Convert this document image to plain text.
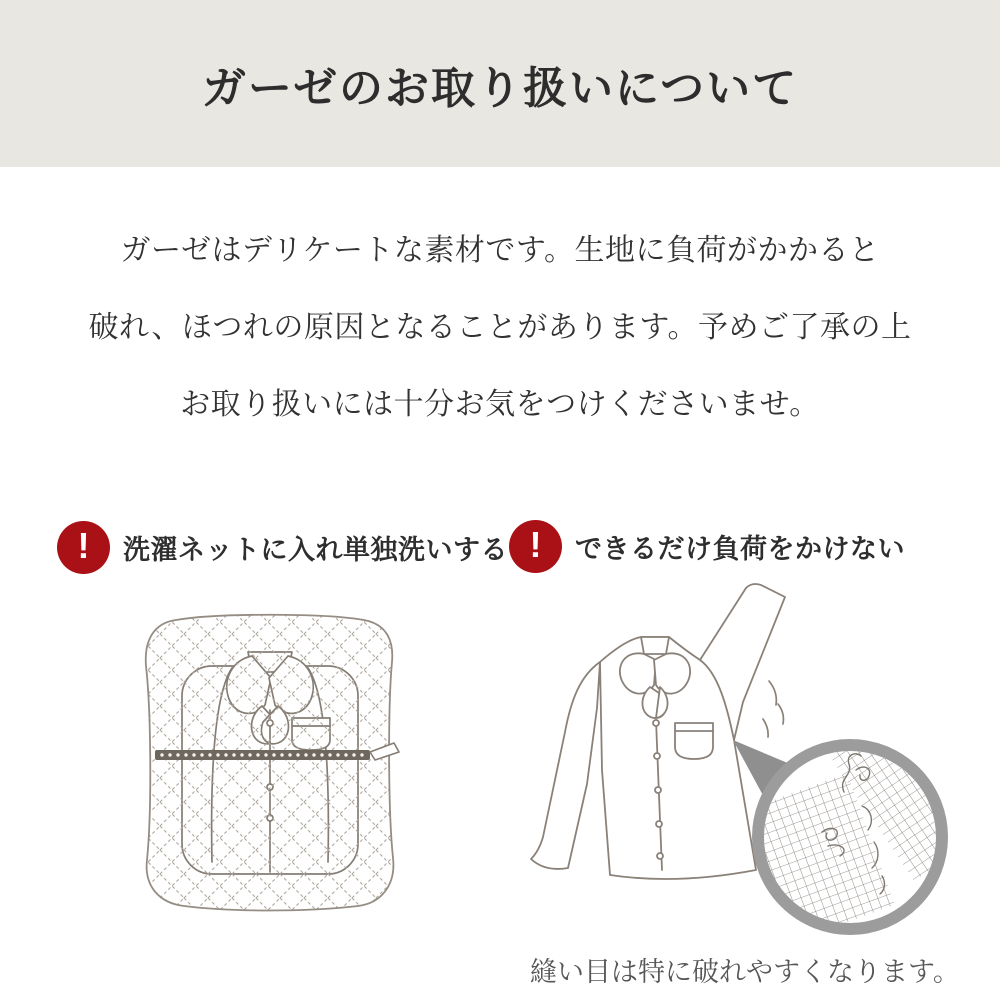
ガーゼのお取り扱いについて
ガーゼはデリケートな素材です。生地に負荷がかかると
破れ、ほつれの原因となることがあります。予めご了承の上
お取り扱いには十分お気をつけくださいませ。
!	洗濯ネットに入れ単独洗いする !	できるだけ負荷をかけない
縫い目は特に破れやすくなります。
